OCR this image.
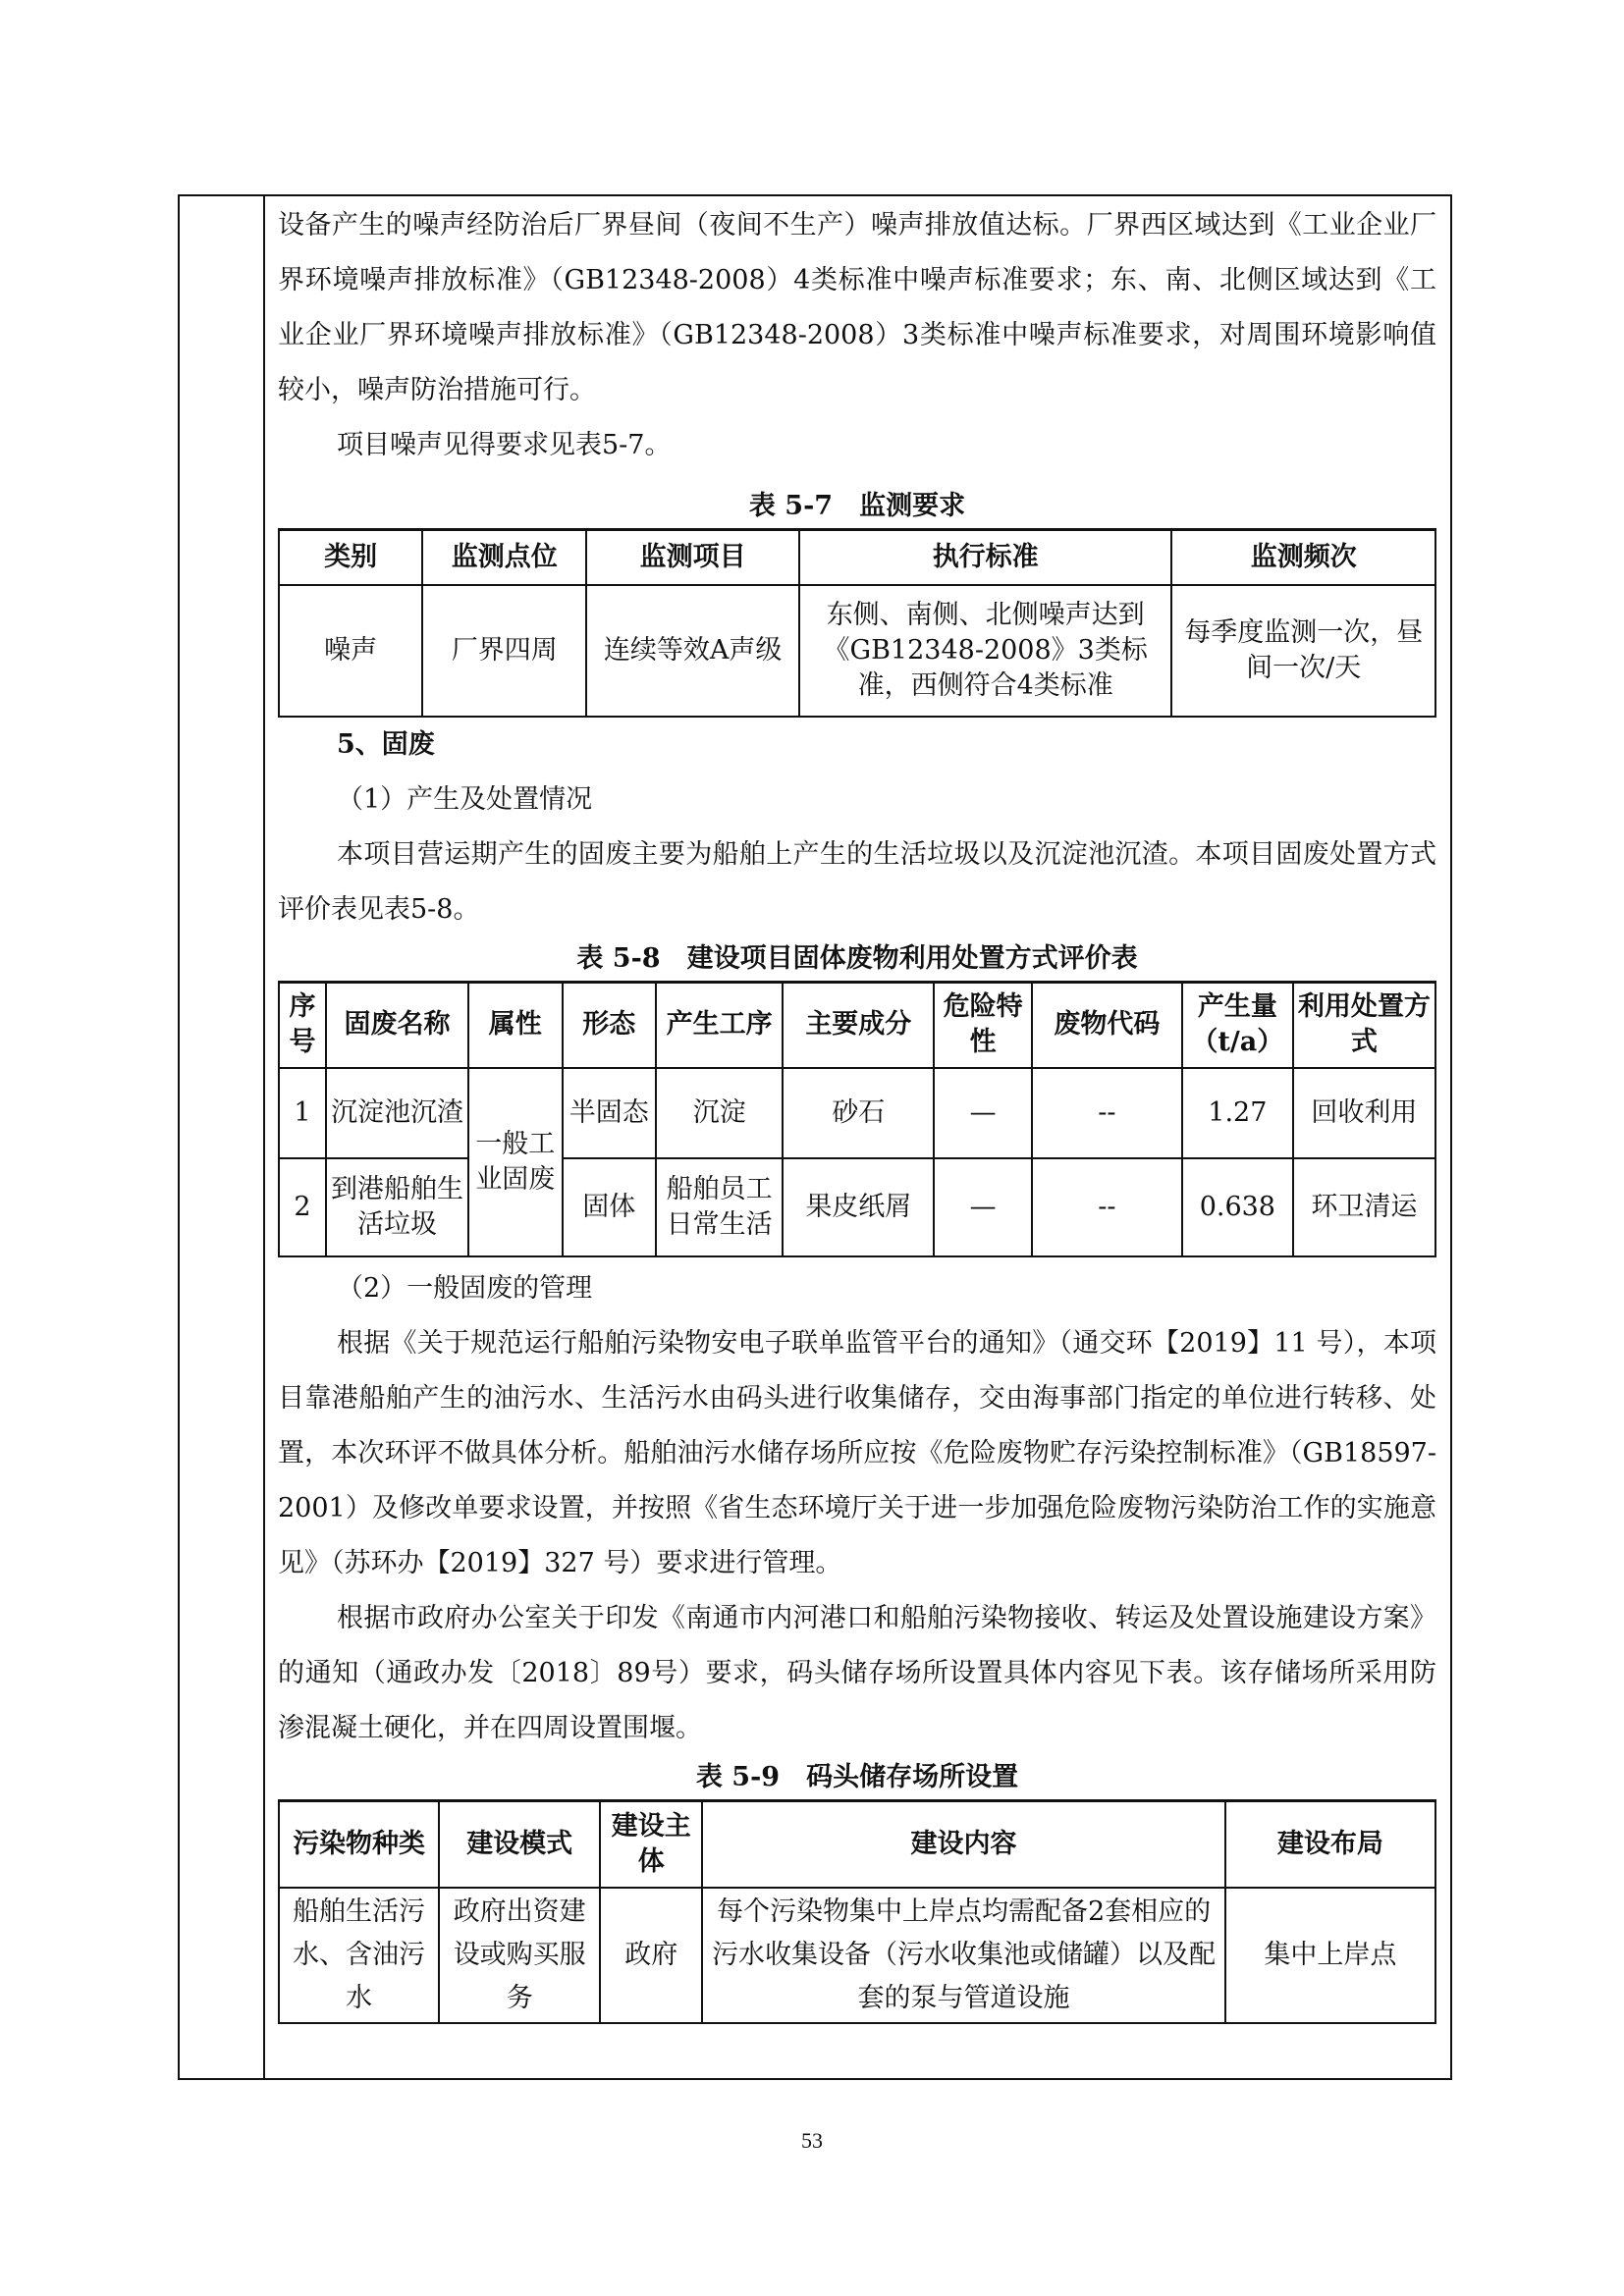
设备产生的噪声经防治后厂界昼间（夜间不生产）噪声排放值达标。厂界西区域达到《工业企业厂界环境噪声排放标准》（GB12348-2008）4类标准中噪声标准要求；东、南、北侧区域达到《工业企业厂界环境噪声排放标准》（GB12348-2008）3类标准中噪声标准要求，对周围环境影响值较小，噪声防治措施可行。

项目噪声见得要求见表5-7。

表 5-7　监测要求

类别	监测点位	监测项目	执行标准	监测频次
噪声	厂界四周	连续等效A声级	东侧、南侧、北侧噪声达到《GB12348-2008》3类标准，西侧符合4类标准	每季度监测一次，昼间一次/天

5、固废

（1）产生及处置情况

本项目营运期产生的固废主要为船舶上产生的生活垃圾以及沉淀池沉渣。本项目固废处置方式评价表见表5-8。

表 5-8　建设项目固体废物利用处置方式评价表

序号	固废名称	属性	形态	产生工序	主要成分	危险特性	废物代码	产生量（t/a）	利用处置方式
1	沉淀池沉渣	一般工业固废	半固态	沉淀	砂石	—	--	1.27	回收利用
2	到港船舶生活垃圾		固体	船舶员工日常生活	果皮纸屑	—	--	0.638	环卫清运

（2）一般固废的管理

根据《关于规范运行船舶污染物安电子联单监管平台的通知》（通交环【2019】11 号），本项目靠港船舶产生的油污水、生活污水由码头进行收集储存，交由海事部门指定的单位进行转移、处置，本次环评不做具体分析。船舶油污水储存场所应按《危险废物贮存污染控制标准》（GB18597-2001）及修改单要求设置，并按照《省生态环境厅关于进一步加强危险废物污染防治工作的实施意见》（苏环办【2019】327 号）要求进行管理。

根据市政府办公室关于印发《南通市内河港口和船舶污染物接收、转运及处置设施建设方案》的通知（通政办发〔2018〕89号）要求，码头储存场所设置具体内容见下表。该存储场所采用防渗混凝土硬化，并在四周设置围堰。

表 5-9　码头储存场所设置

污染物种类	建设模式	建设主体	建设内容	建设布局
船舶生活污水、含油污水	政府出资建设或购买服务	政府	每个污染物集中上岸点均需配备2套相应的污水收集设备（污水收集池或储罐）以及配套的泵与管道设施	集中上岸点
53
